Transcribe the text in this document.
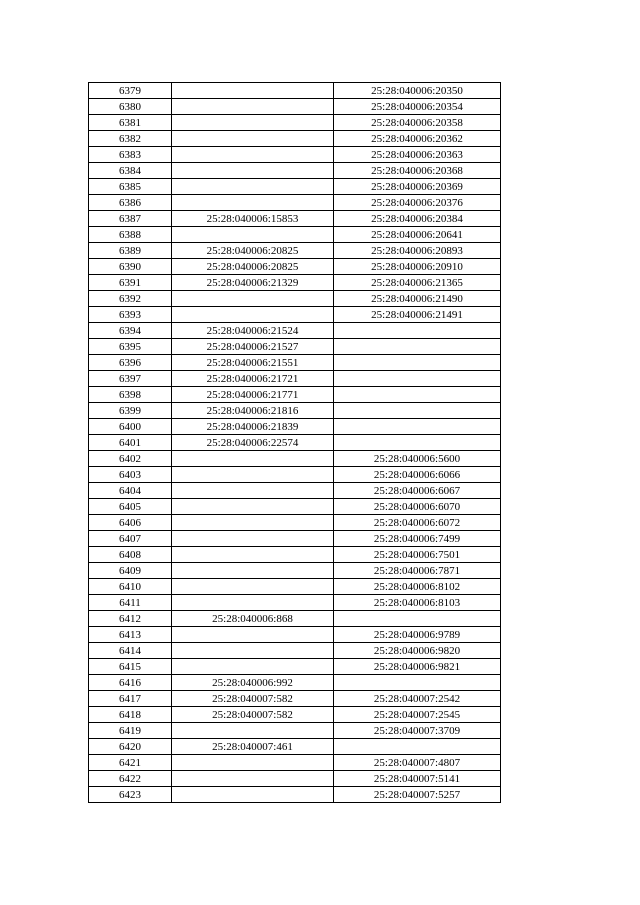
6379		25:28:040006:20350
6380		25:28:040006:20354
6381		25:28:040006:20358
6382		25:28:040006:20362
6383		25:28:040006:20363
6384		25:28:040006:20368
6385		25:28:040006:20369
6386		25:28:040006:20376
6387	25:28:040006:15853	25:28:040006:20384
6388		25:28:040006:20641
6389	25:28:040006:20825	25:28:040006:20893
6390	25:28:040006:20825	25:28:040006:20910
6391	25:28:040006:21329	25:28:040006:21365
6392		25:28:040006:21490
6393		25:28:040006:21491
6394	25:28:040006:21524	
6395	25:28:040006:21527	
6396	25:28:040006:21551	
6397	25:28:040006:21721	
6398	25:28:040006:21771	
6399	25:28:040006:21816	
6400	25:28:040006:21839	
6401	25:28:040006:22574	
6402		25:28:040006:5600
6403		25:28:040006:6066
6404		25:28:040006:6067
6405		25:28:040006:6070
6406		25:28:040006:6072
6407		25:28:040006:7499
6408		25:28:040006:7501
6409		25:28:040006:7871
6410		25:28:040006:8102
6411		25:28:040006:8103
6412	25:28:040006:868	
6413		25:28:040006:9789
6414		25:28:040006:9820
6415		25:28:040006:9821
6416	25:28:040006:992	
6417	25:28:040007:582	25:28:040007:2542
6418	25:28:040007:582	25:28:040007:2545
6419		25:28:040007:3709
6420	25:28:040007:461	
6421		25:28:040007:4807
6422		25:28:040007:5141
6423		25:28:040007:5257
